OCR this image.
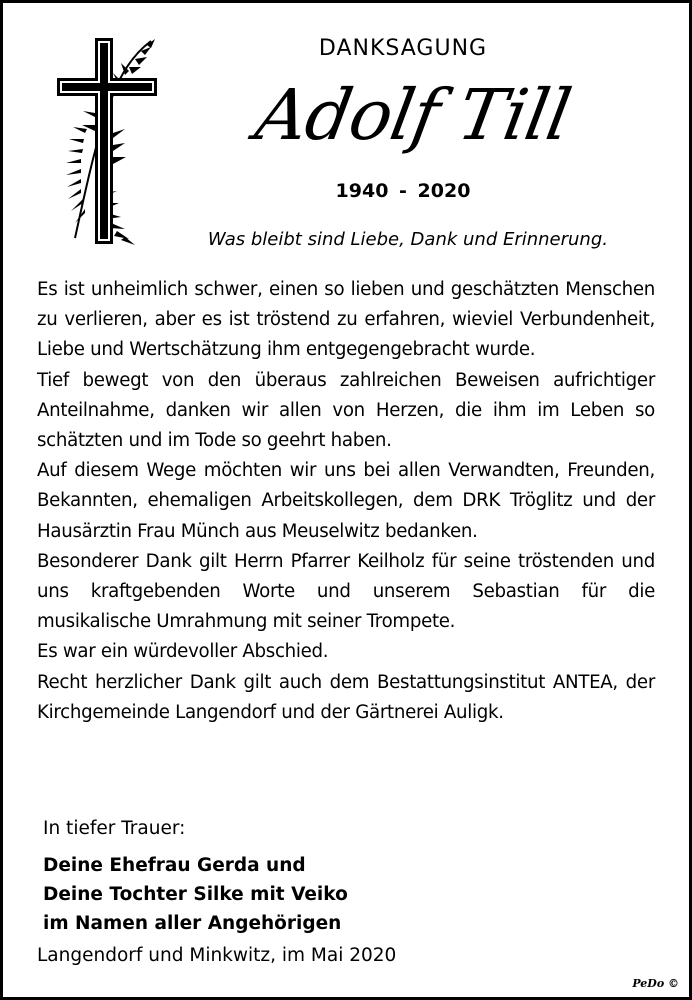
DANKSAGUNG
Adolf Till
1940 - 2020
Was bleibt sind Liebe, Dank und Erinnerung.

Es ist unheimlich schwer, einen so lieben und geschätzten Menschen zu verlieren, aber es ist tröstend zu erfahren, wieviel Verbundenheit, Liebe und Wertschätzung ihm entgegengebracht wurde.

Tief bewegt von den überaus zahlreichen Beweisen aufrichtiger Anteilnahme, danken wir allen von Herzen, die ihm im Leben so schätzten und im Tode so geehrt haben.

Auf diesem Wege möchten wir uns bei allen Verwandten, Freunden, Bekannten, ehemaligen Arbeitskollegen, dem DRK Tröglitz und der Hausärztin Frau Münch aus Meuselwitz bedanken.

Besonderer Dank gilt Herrn Pfarrer Keilholz für seine tröstenden und uns kraftgebenden Worte und unserem Sebastian für die musikalische Umrahmung mit seiner Trompete.

Es war ein würdevoller Abschied.

Recht herzlicher Dank gilt auch dem Bestattungsinstitut ANTEA, der Kirchgemeinde Langendorf und der Gärtnerei Auligk.

In tiefer Trauer:
Deine Ehefrau Gerda und
Deine Tochter Silke mit Veiko
im Namen aller Angehörigen
Langendorf und Minkwitz, im Mai 2020
PeDo ©
